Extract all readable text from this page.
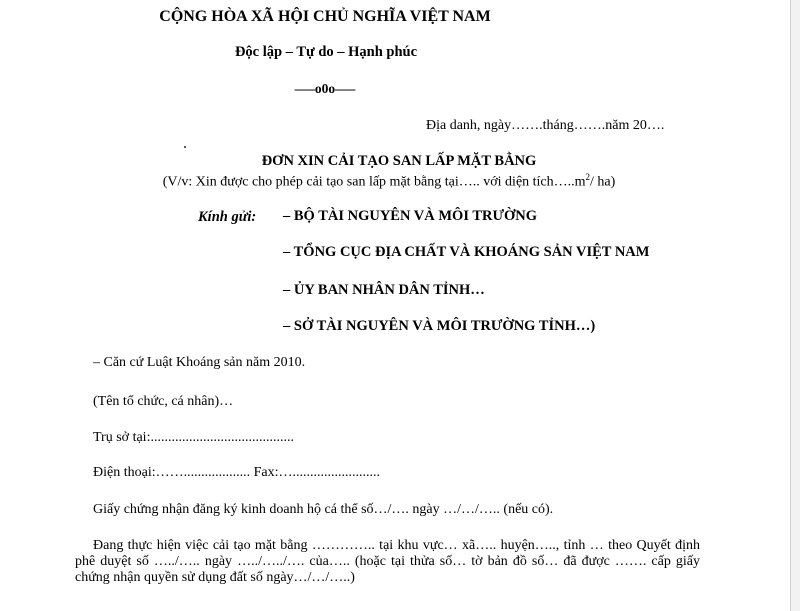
CỘNG HÒA XÃ HỘI CHỦ NGHĨA VIỆT NAM
Độc lập – Tự do – Hạnh phúc
—–o0o—–
Địa danh, ngày…….tháng…….năm 20….
ĐƠN XIN CẢI TẠO SAN LẤP MẶT BẰNG
(V/v: Xin được cho phép cải tạo san lấp mặt bằng tại….. với diện $tích\dots..m^2/$ ha)
Kính gửi: – BỘ TÀI NGUYÊN VÀ MÔI TRƯỜNG
– TỔNG CỤC ĐỊA CHẤT VÀ KHOÁNG SẢN VIỆT NAM
– ỦY BAN NHÂN DÂN TỈNH…
– SỞ TÀI NGUYÊN VÀ MÔI TRƯỜNG TỈNH…)
– Căn cứ Luật Khoáng sản năm 2010.
(Tên tổ chức, cá nhân)…
Trụ sở tại:.........................................
Điện thoại:……................... Fax:….........................
Giấy chứng nhận đăng ký kinh doanh hộ cá thể số…/…. ngày …/…/….. (nếu có).
Đang thực hiện việc cải tạo mặt bằng ………….. tại khu vực… xã….. huyện….., tỉnh … theo Quyết định phê duyệt số …../….. ngày …../…../…. của….. (hoặc tại thửa số… tờ bản đồ số… đã được ……. cấp giấy chứng nhận quyền sử dụng đất số ngày…/…/…..)
